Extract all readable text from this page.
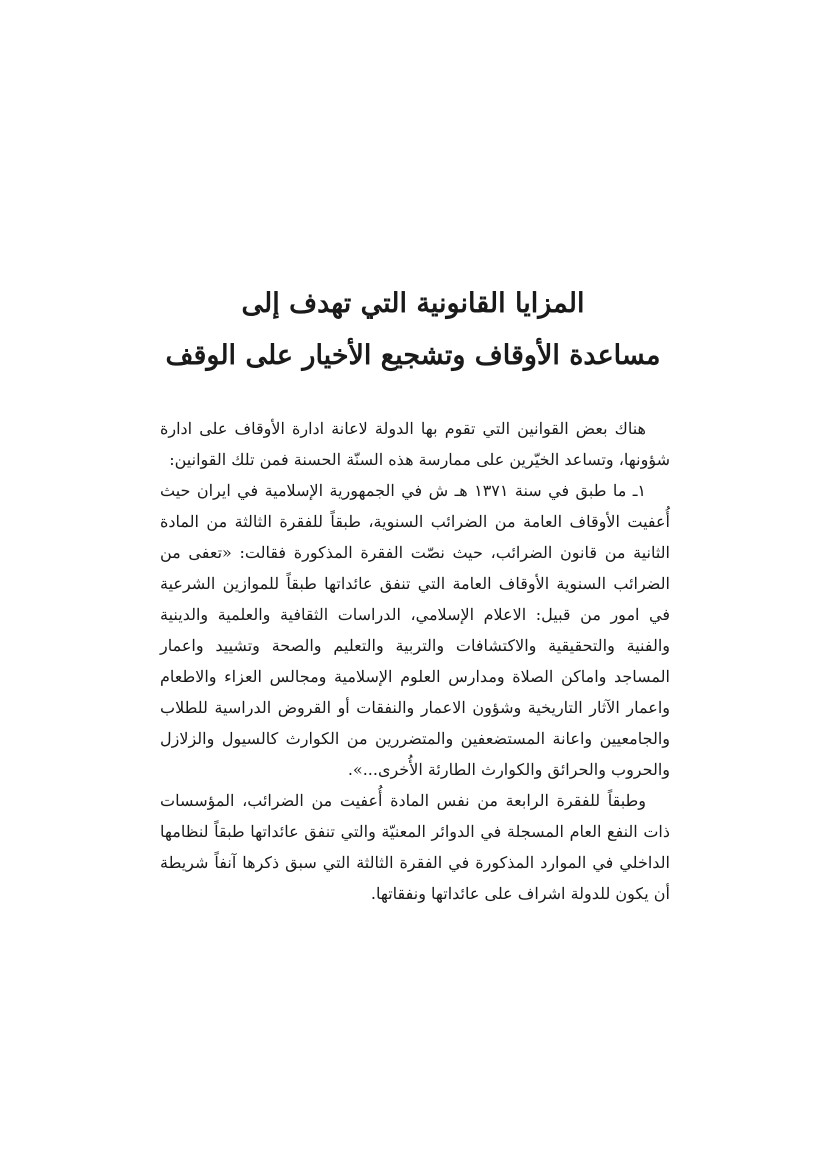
المزايا القانونية التي تهدف إلى
مساعدة الأوقاف وتشجيع الأخيار على الوقف

هناك بعض القوانين التي تقوم بها الدولة لاعانة ادارة الأوقاف على ادارة شؤونها، وتساعد الخيّرين على ممارسة هذه السنّة الحسنة فمن تلك القوانين:

١ـ ما طبق في سنة ١٣٧١ هـ ش في الجمهورية الإسلامية في ايران حيث أُعفيت الأوقاف العامة من الضرائب السنوية، طبقاً للفقرة الثالثة من المادة الثانية من قانون الضرائب، حيث نصّت الفقرة المذكورة فقالت: «تعفى من الضرائب السنوية الأوقاف العامة التي تنفق عائداتها طبقاً للموازين الشرعية في امور من قبيل: الاعلام الإسلامي، الدراسات الثقافية والعلمية والدينية والفنية والتحقيقية والاكتشافات والتربية والتعليم والصحة وتشييد واعمار المساجد واماكن الصلاة ومدارس العلوم الإسلامية ومجالس العزاء والاطعام واعمار الآثار التاريخية وشؤون الاعمار والنفقات أو القروض الدراسية للطلاب والجامعيين واعانة المستضعفين والمتضررين من الكوارث كالسيول والزلازل والحروب والحرائق والكوارث الطارئة الأُخرى...».

وطبقاً للفقرة الرابعة من نفس المادة أُعفيت من الضرائب، المؤسسات ذات النفع العام المسجلة في الدوائر المعنيّة والتي تنفق عائداتها طبقاً لنظامها الداخلي في الموارد المذكورة في الفقرة الثالثة التي سبق ذكرها آنفاً شريطة أن يكون للدولة اشراف على عائداتها ونفقاتها.
